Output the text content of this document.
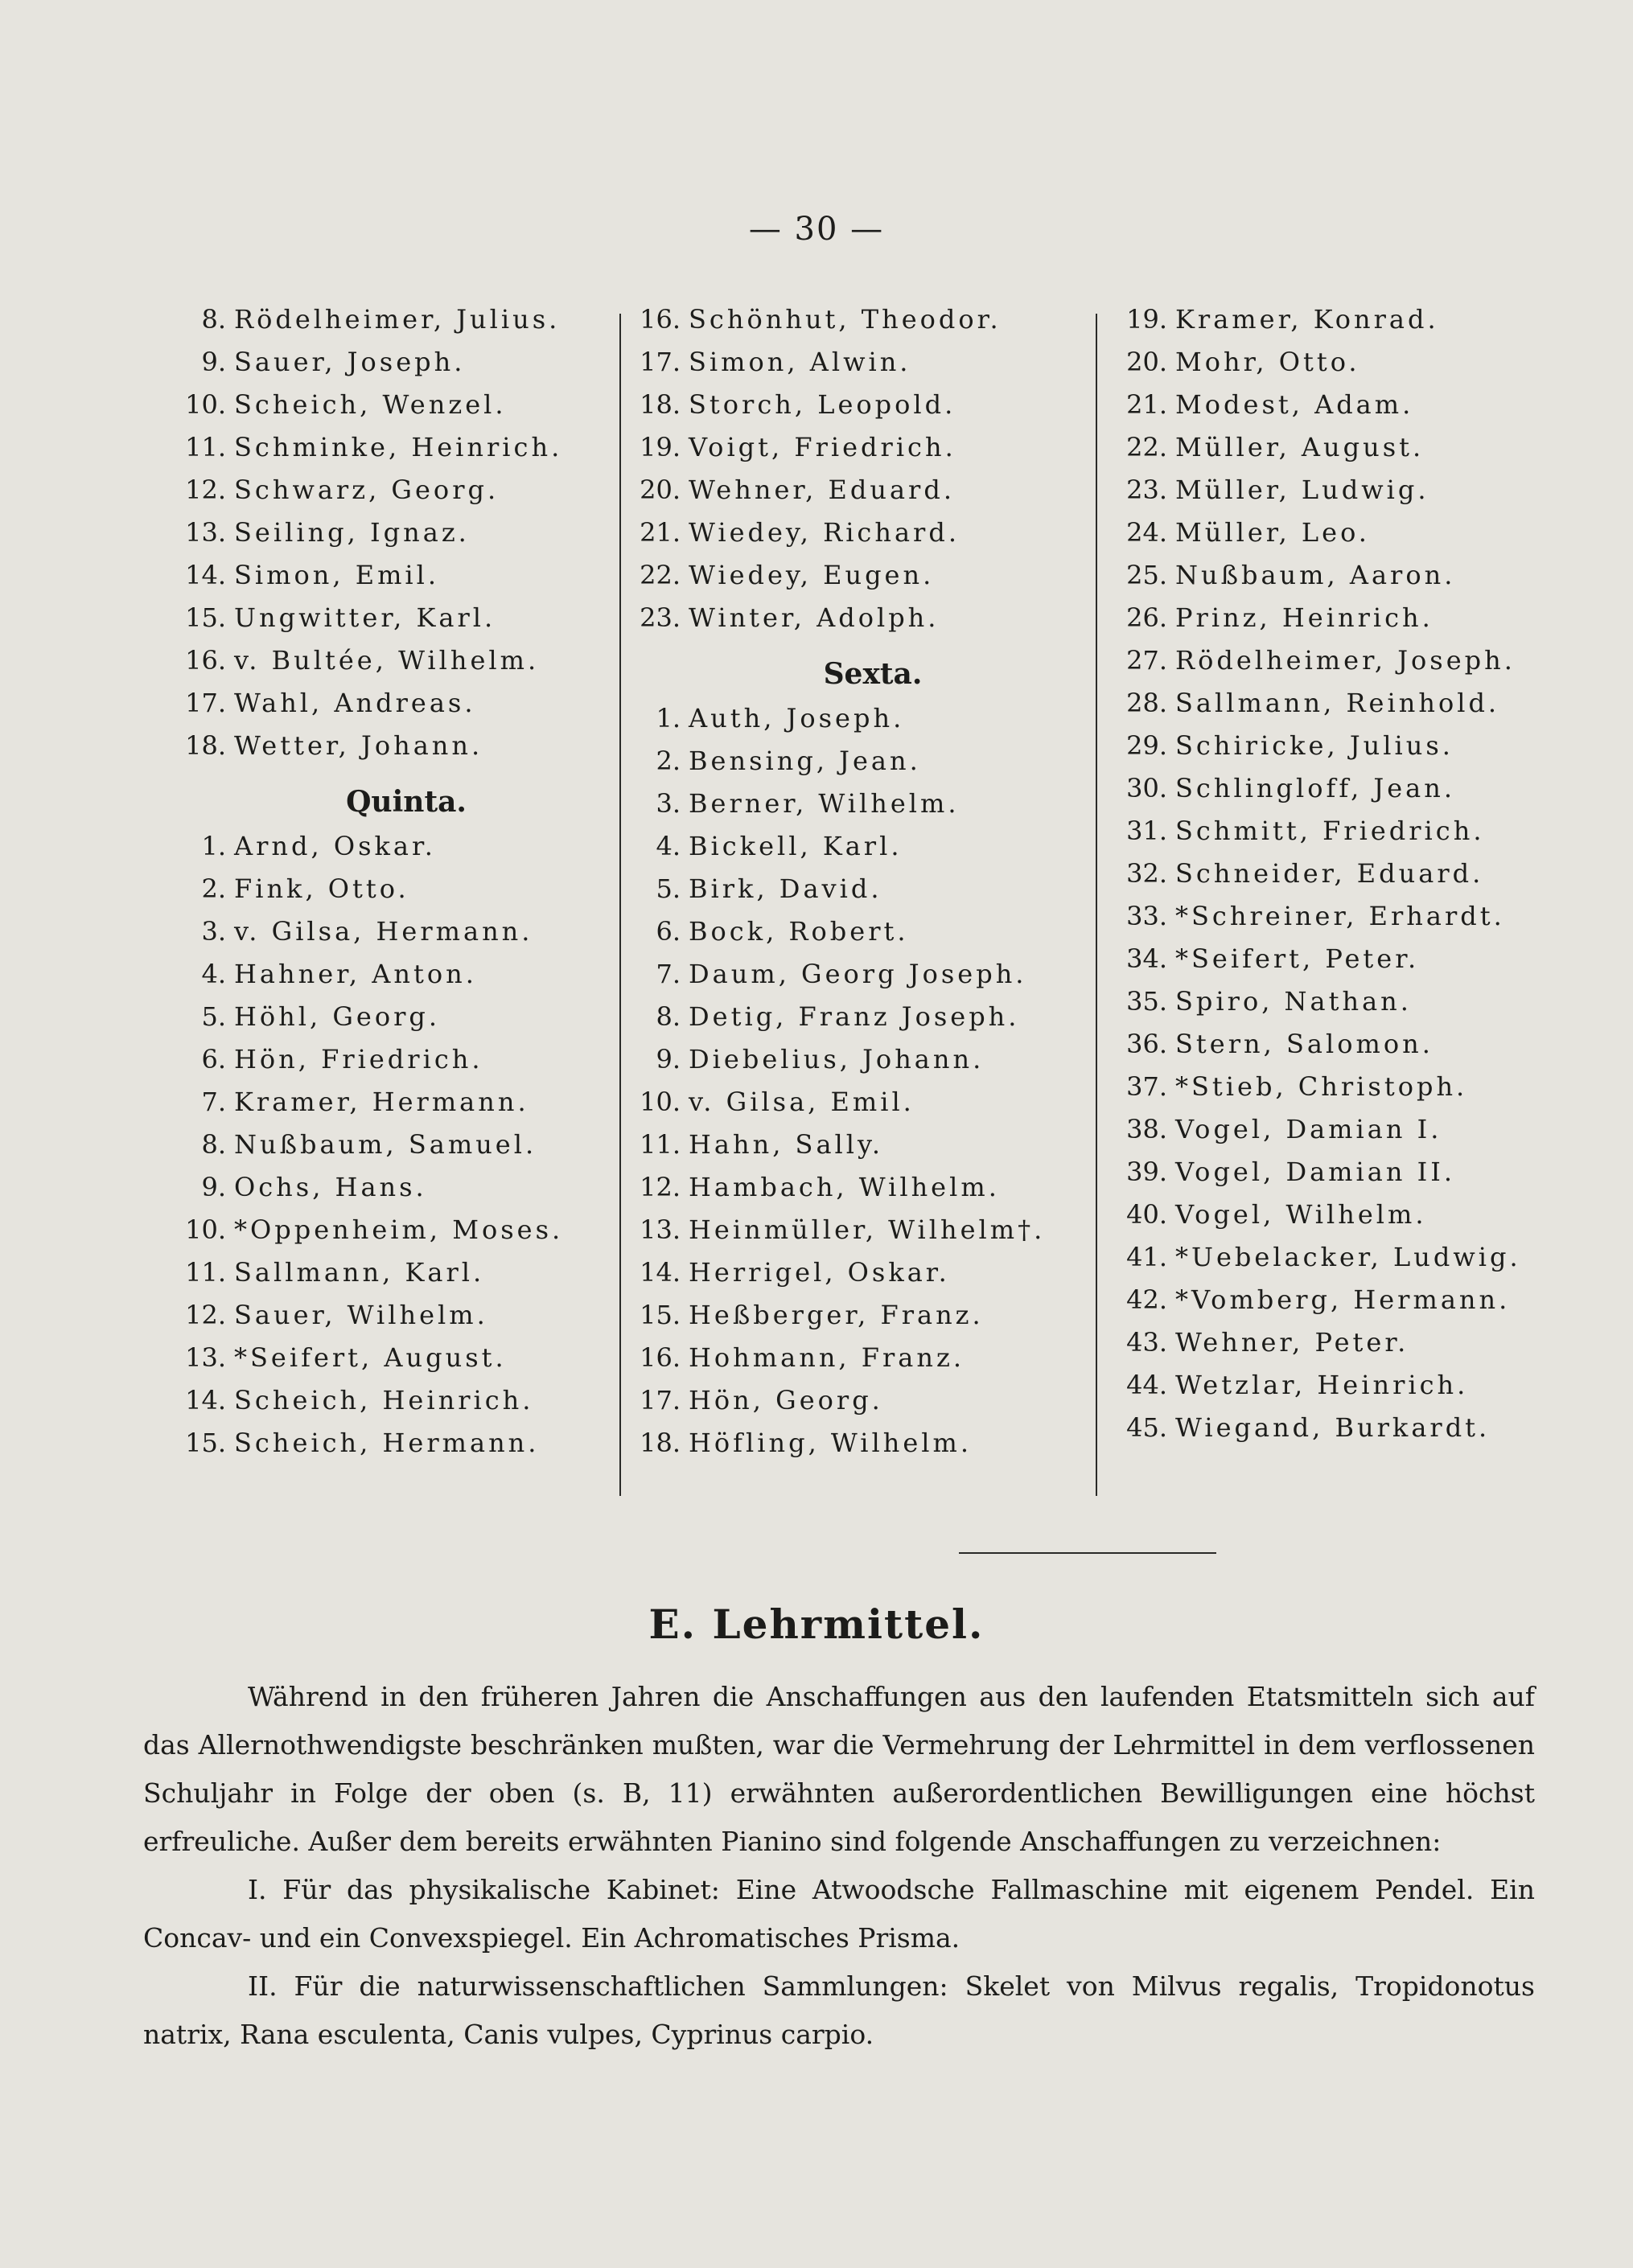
— 30 —
8. Rödelheimer, Julius.
9. Sauer, Joseph.
10. Scheich, Wenzel.
11. Schminke, Heinrich.
12. Schwarz, Georg.
13. Seiling, Ignaz.
14. Simon, Emil.
15. Ungwitter, Karl.
16. v. Bultée, Wilhelm.
17. Wahl, Andreas.
18. Wetter, Johann.
Quinta.
1. Arnd, Oskar.
2. Fink, Otto.
3. v. Gilsa, Hermann.
4. Hahner, Anton.
5. Höhl, Georg.
6. Hön, Friedrich.
7. Kramer, Hermann.
8. Nußbaum, Samuel.
9. Ochs, Hans.
10. *Oppenheim, Moses.
11. Sallmann, Karl.
12. Sauer, Wilhelm.
13. *Seifert, August.
14. Scheich, Heinrich.
15. Scheich, Hermann.
16. Schönhut, Theodor.
17. Simon, Alwin.
18. Storch, Leopold.
19. Voigt, Friedrich.
20. Wehner, Eduard.
21. Wiedey, Richard.
22. Wiedey, Eugen.
23. Winter, Adolph.
Sexta.
1. Auth, Joseph.
2. Bensing, Jean.
3. Berner, Wilhelm.
4. Bickell, Karl.
5. Birk, David.
6. Bock, Robert.
7. Daum, Georg Joseph.
8. Detig, Franz Joseph.
9. Diebelius, Johann.
10. v. Gilsa, Emil.
11. Hahn, Sally.
12. Hambach, Wilhelm.
13. Heinmüller, Wilhelm†.
14. Herrigel, Oskar.
15. Heßberger, Franz.
16. Hohmann, Franz.
17. Hön, Georg.
18. Höfling, Wilhelm.
19. Kramer, Konrad.
20. Mohr, Otto.
21. Modest, Adam.
22. Müller, August.
23. Müller, Ludwig.
24. Müller, Leo.
25. Nußbaum, Aaron.
26. Prinz, Heinrich.
27. Rödelheimer, Joseph.
28. Sallmann, Reinhold.
29. Schiricke, Julius.
30. Schlingloff, Jean.
31. Schmitt, Friedrich.
32. Schneider, Eduard.
33. *Schreiner, Erhardt.
34. *Seifert, Peter.
35. Spiro, Nathan.
36. Stern, Salomon.
37. *Stieb, Christoph.
38. Vogel, Damian I.
39. Vogel, Damian II.
40. Vogel, Wilhelm.
41. *Uebelacker, Ludwig.
42. *Vomberg, Hermann.
43. Wehner, Peter.
44. Wetzlar, Heinrich.
45. Wiegand, Burkardt.
E. Lehrmittel.

Während in den früheren Jahren die Anschaffungen aus den laufenden Etatsmitteln sich auf das Allernothwendigste beschränken mußten, war die Vermehrung der Lehrmittel in dem verflossenen Schuljahr in Folge der oben (s. B, 11) erwähnten außerordentlichen Bewilligungen eine höchst erfreuliche. Außer dem bereits erwähnten Pianino sind folgende Anschaffungen zu verzeichnen:

I. Für das physikalische Kabinet: Eine Atwoodsche Fallmaschine mit eigenem Pendel. Ein Concav- und ein Convexspiegel. Ein Achromatisches Prisma.

II. Für die naturwissenschaftlichen Sammlungen: Skelet von Milvus regalis, Tropidonotus natrix, Rana esculenta, Canis vulpes, Cyprinus carpio.
